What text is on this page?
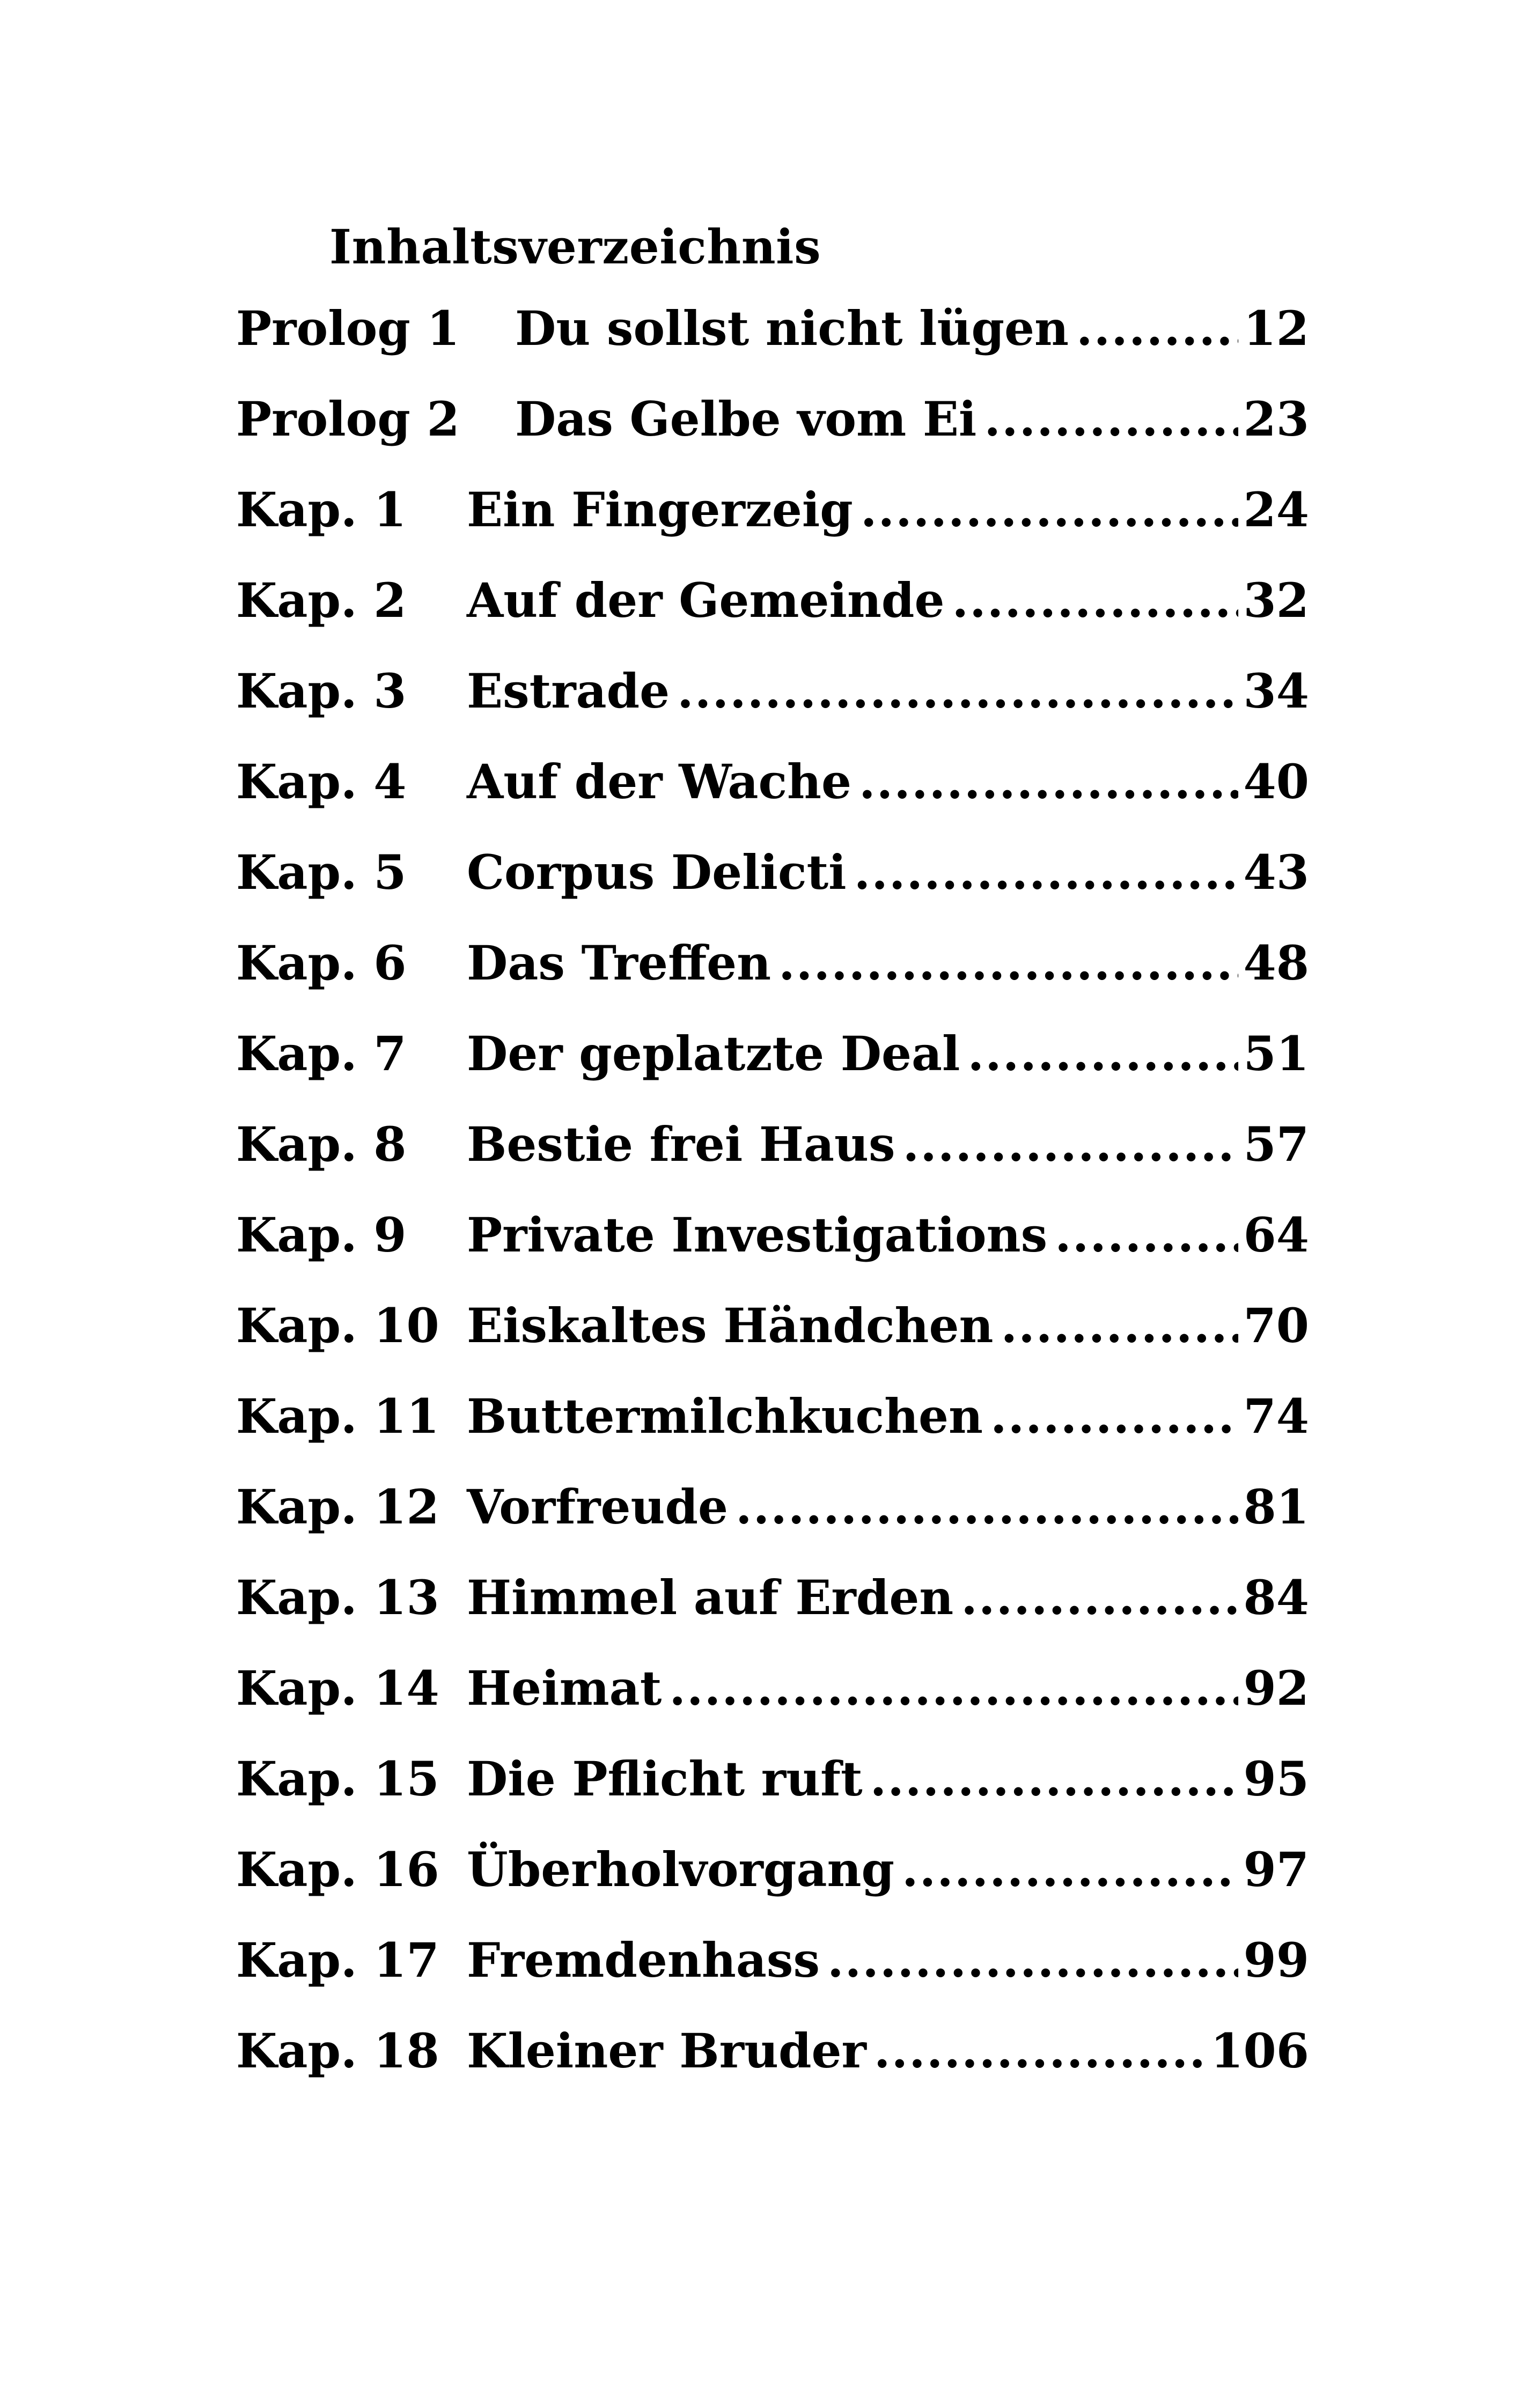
Inhaltsverzeichnis
Prolog 1	Du sollst nicht lügen .....	12
Prolog 2	Das Gelbe vom Ei .....	23
Kap. 1	Ein Fingerzeig .....	24
Kap. 2	Auf der Gemeinde .....	32
Kap. 3	Estrade .....	34
Kap. 4	Auf der Wache .....	40
Kap. 5	Corpus Delicti .....	43
Kap. 6	Das Treffen .....	48
Kap. 7	Der geplatzte Deal .....	51
Kap. 8	Bestie frei Haus .....	57
Kap. 9	Private Investigations .....	64
Kap. 10 Eiskaltes Händchen .....	70
Kap. 11 Buttermilchkuchen .....	74
Kap. 12 Vorfreude .....	81
Kap. 13 Himmel auf Erden .....	84
Kap. 14 Heimat .....	92
Kap. 15 Die Pflicht ruft .....	95
Kap. 16 Überholvorgang .....	97
Kap. 17 Fremdenhass .....	99
Kap. 18 Kleiner Bruder .....	106
